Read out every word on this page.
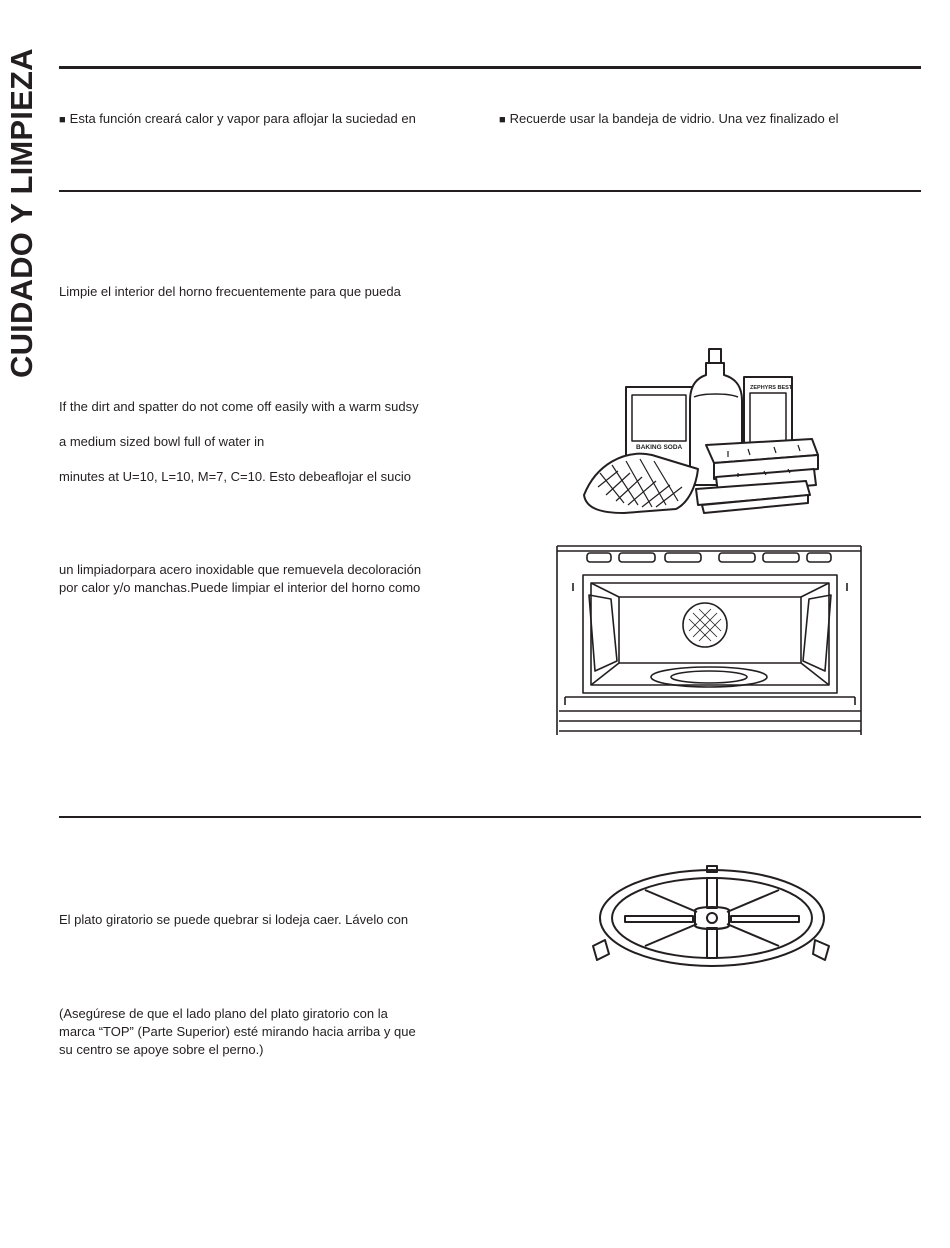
CUIDADO Y LIMPIEZA ■ Esta función creará calor y vapor para aflojar la suciedad en	■ Recuerde usar la bandeja de vidrio. Una vez finalizado el
Limpie el interior del horno frecuentemente para que pueda
If the dirt and spatter do not come off easily with a warm sudsy
a medium sized bowl full of water in
minutes at U=10, L=10, M=7, C=10. Esto debeaflojar el sucio
un limpiadorpara acero inoxidable que remuevela decoloración
por calor y/o manchas.Puede limpiar el interior del horno como
BAKING SODA
ZEPHYRS BEST
El plato giratorio se puede quebrar si lodeja caer. Lávelo con
(Asegúrese de que el lado plano del plato giratorio con la
marca “TOP” (Parte Superior) esté mirando hacia arriba y que
su centro se apoye sobre el perno.)
